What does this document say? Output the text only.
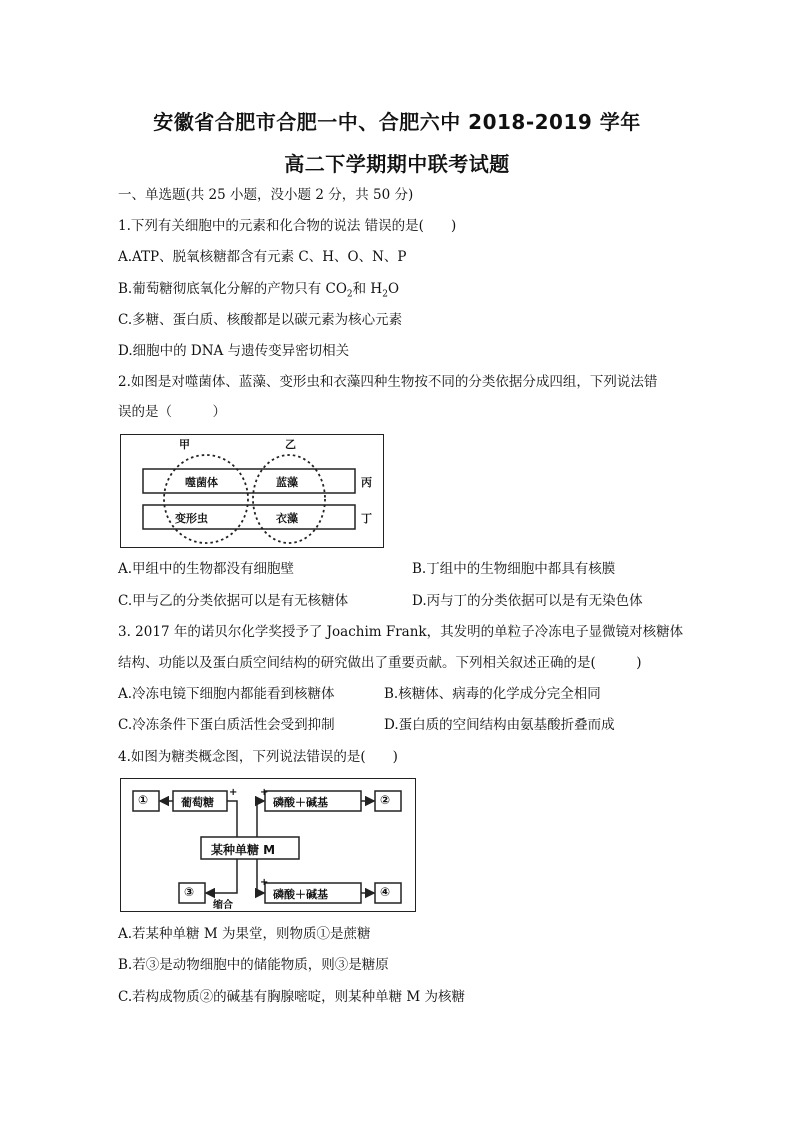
安徽省合肥市合肥一中、合肥六中 2018-2019 学年
高二下学期期中联考试题
一、单选题(共 25 小题，没小题 2 分，共 50 分)
1.下列有关细胞中的元素和化合物的说法 错误的是(　　)
A.ATP、脱氧核糖都含有元素 C、H、O、N、P
B.葡萄糖彻底氧化分解的产物只有 $CO_2$和 $H_2O$
C.多糖、蛋白质、核酸都是以碳元素为核心元素
D.细胞中的 DNA 与遗传变异密切相关
2.如图是对噬菌体、蓝藻、变形虫和衣藻四种生物按不同的分类依据分成四组，下列说法错
误的是（　　　）
甲	乙
丙
丁
噬菌体	蓝藻
变形虫	衣藻
A.甲组中的生物都没有细胞壁	B.丁组中的生物细胞中都具有核膜
C.甲与乙的分类依据可以是有无核糖体	D.丙与丁的分类依据可以是有无染色体
3. 2017 年的诺贝尔化学奖授予了 Joachim Frank，其发明的单粒子冷冻电子显微镜对核糖体
结构、功能以及蛋白质空间结构的研究做出了重要贡献。下列相关叙述正确的是(　　　)
A.冷冻电镜下细胞内都能看到核糖体	B.核糖体、病毒的化学成分完全相同
C.冷冻条件下蛋白质活性会受到抑制	D.蛋白质的空间结构由氨基酸折叠而成
4.如图为糖类概念图，下列说法错误的是(　　)
①	葡萄糖	磷酸＋碱基	②
某种单糖 M
③	磷酸＋碱基	④
缩合
+
+
+
A.若某种单糖 M 为果堂，则物质①是蔗糖
B.若③是动物细胞中的储能物质，则③是糖原
C.若构成物质②的碱基有胸腺嘧啶，则某种单糖 M 为核糖
